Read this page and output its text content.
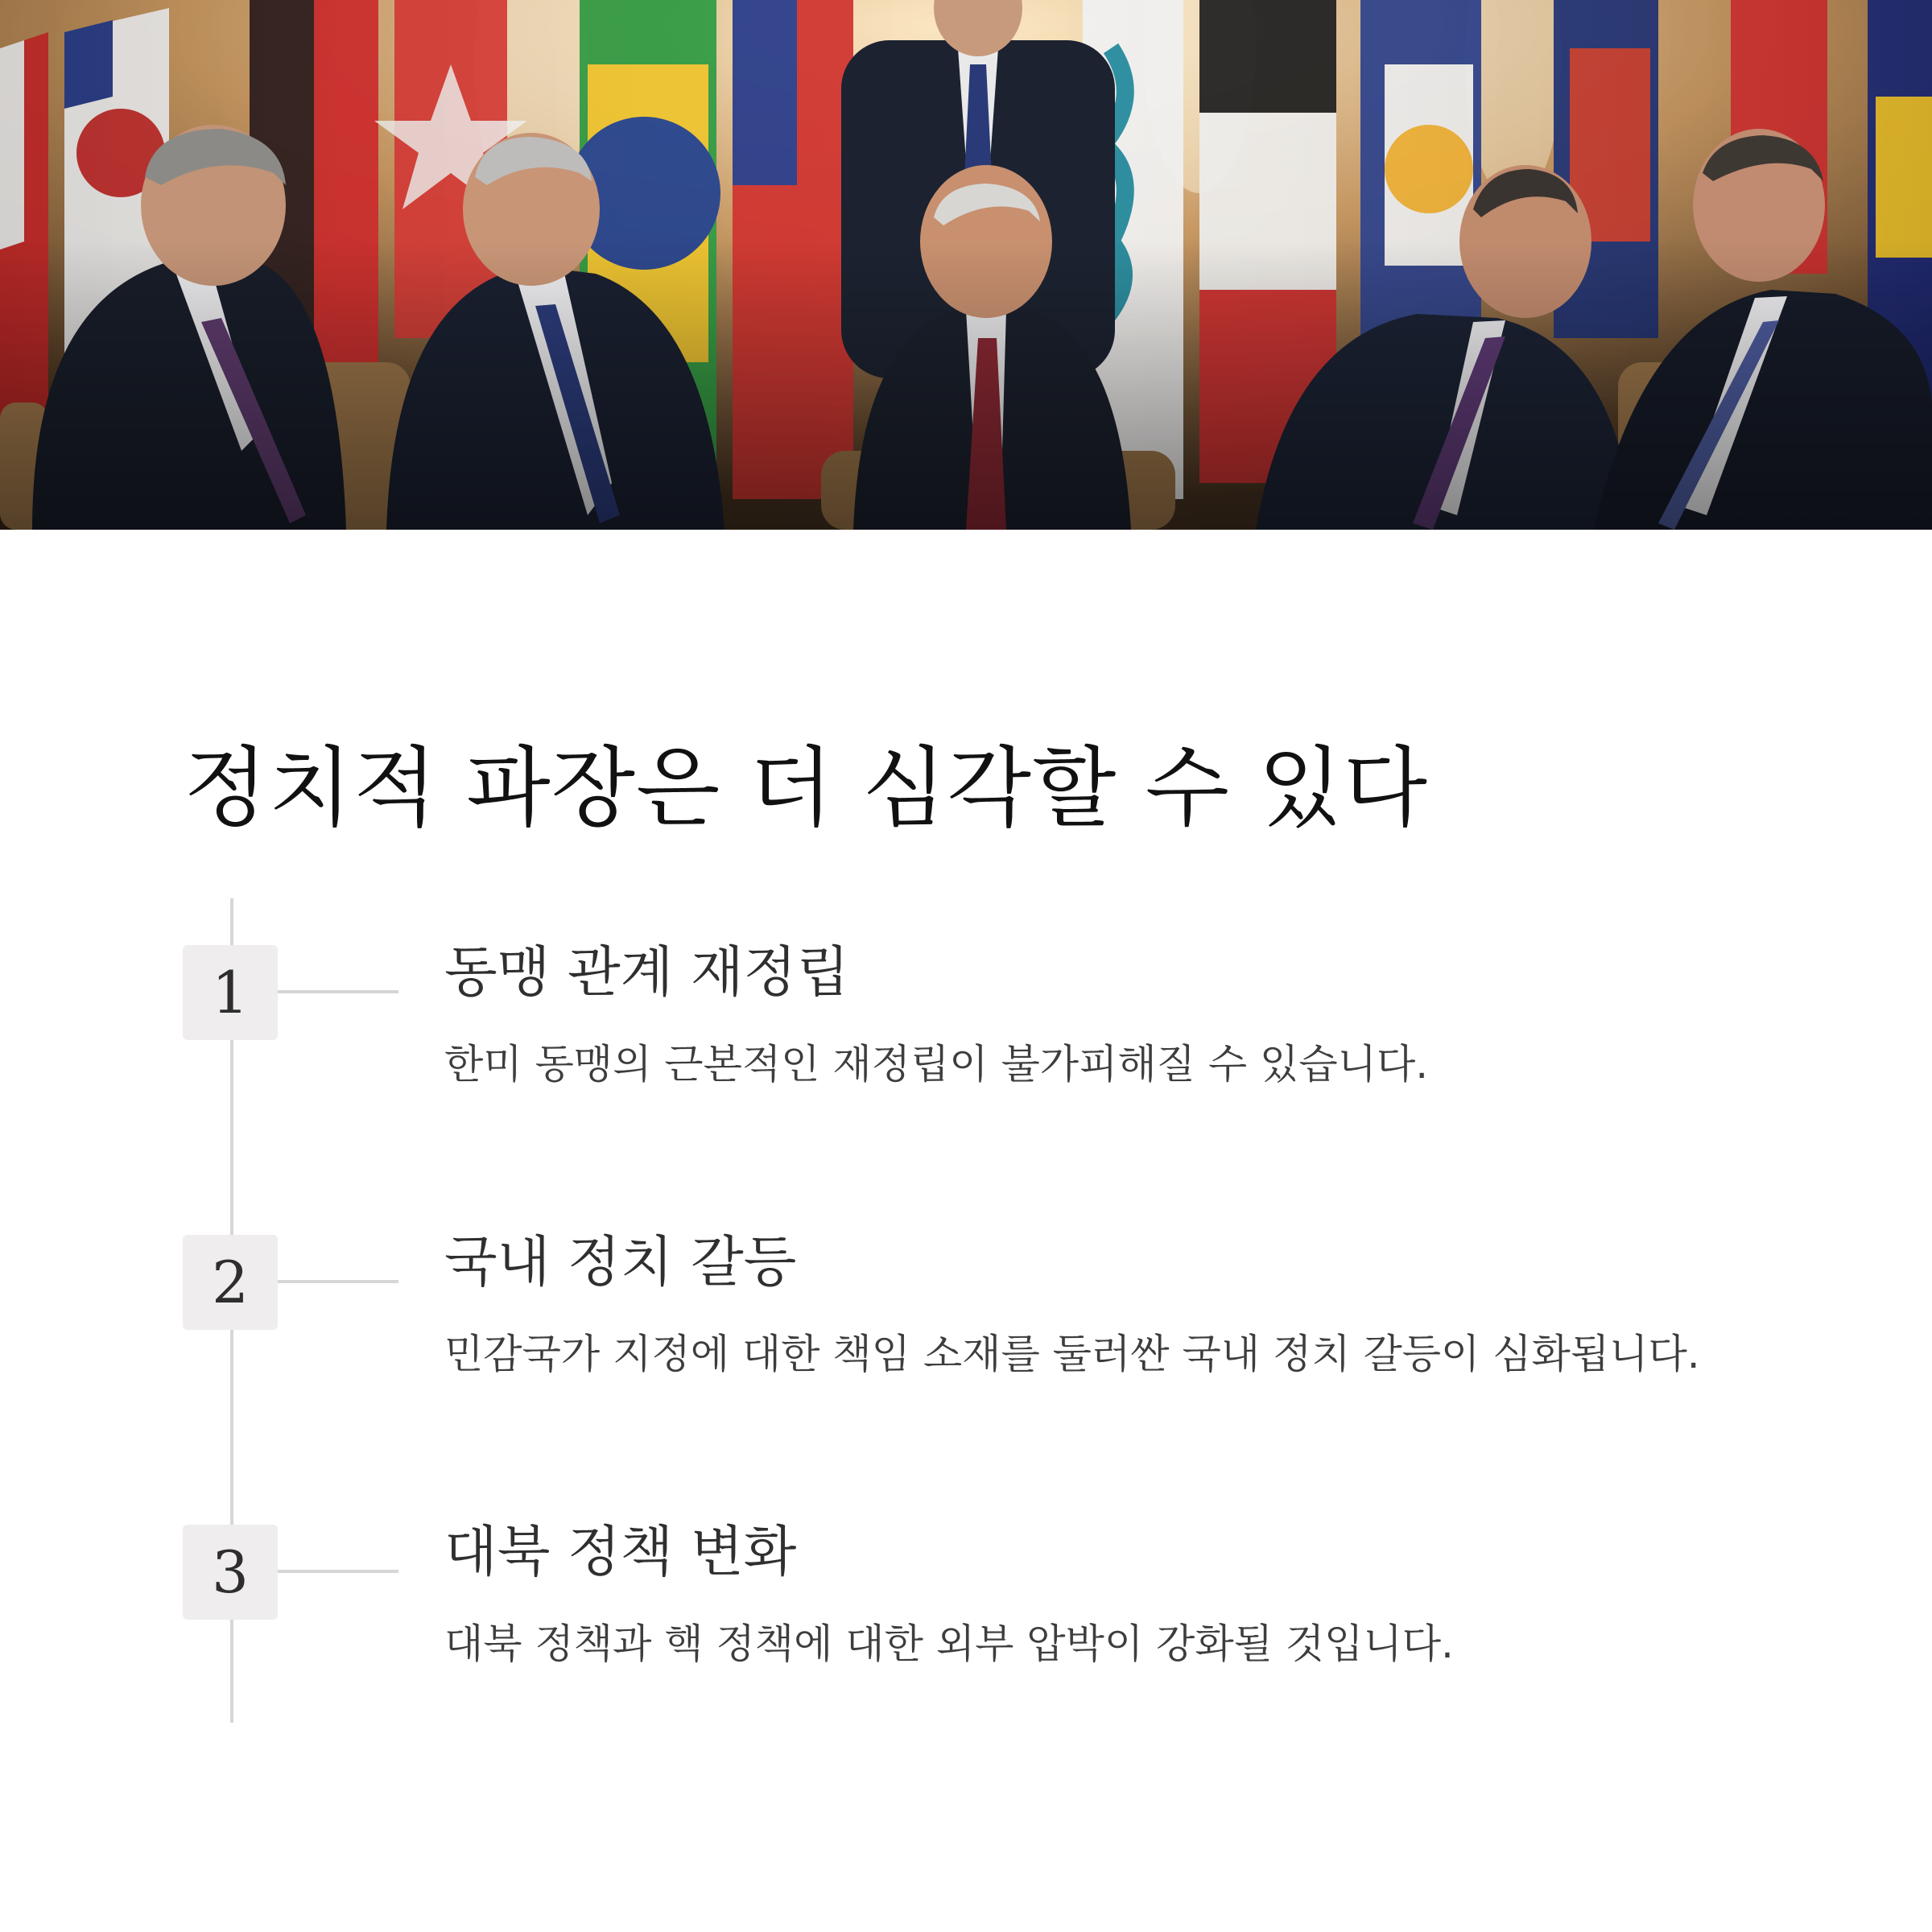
정치적 파장은 더 심각할 수 있다
1	동맹 관계 재정립
한미 동맹의 근본적인 재정립이 불가피해질 수 있습니다.
2	국내 정치 갈등
민감국가 지정에 대한 책임 소재를 둘러싼 국내 정치 갈등이 심화됩니다.
3	대북 정책 변화
대북 정책과 핵 정책에 대한 외부 압박이 강화될 것입니다.
